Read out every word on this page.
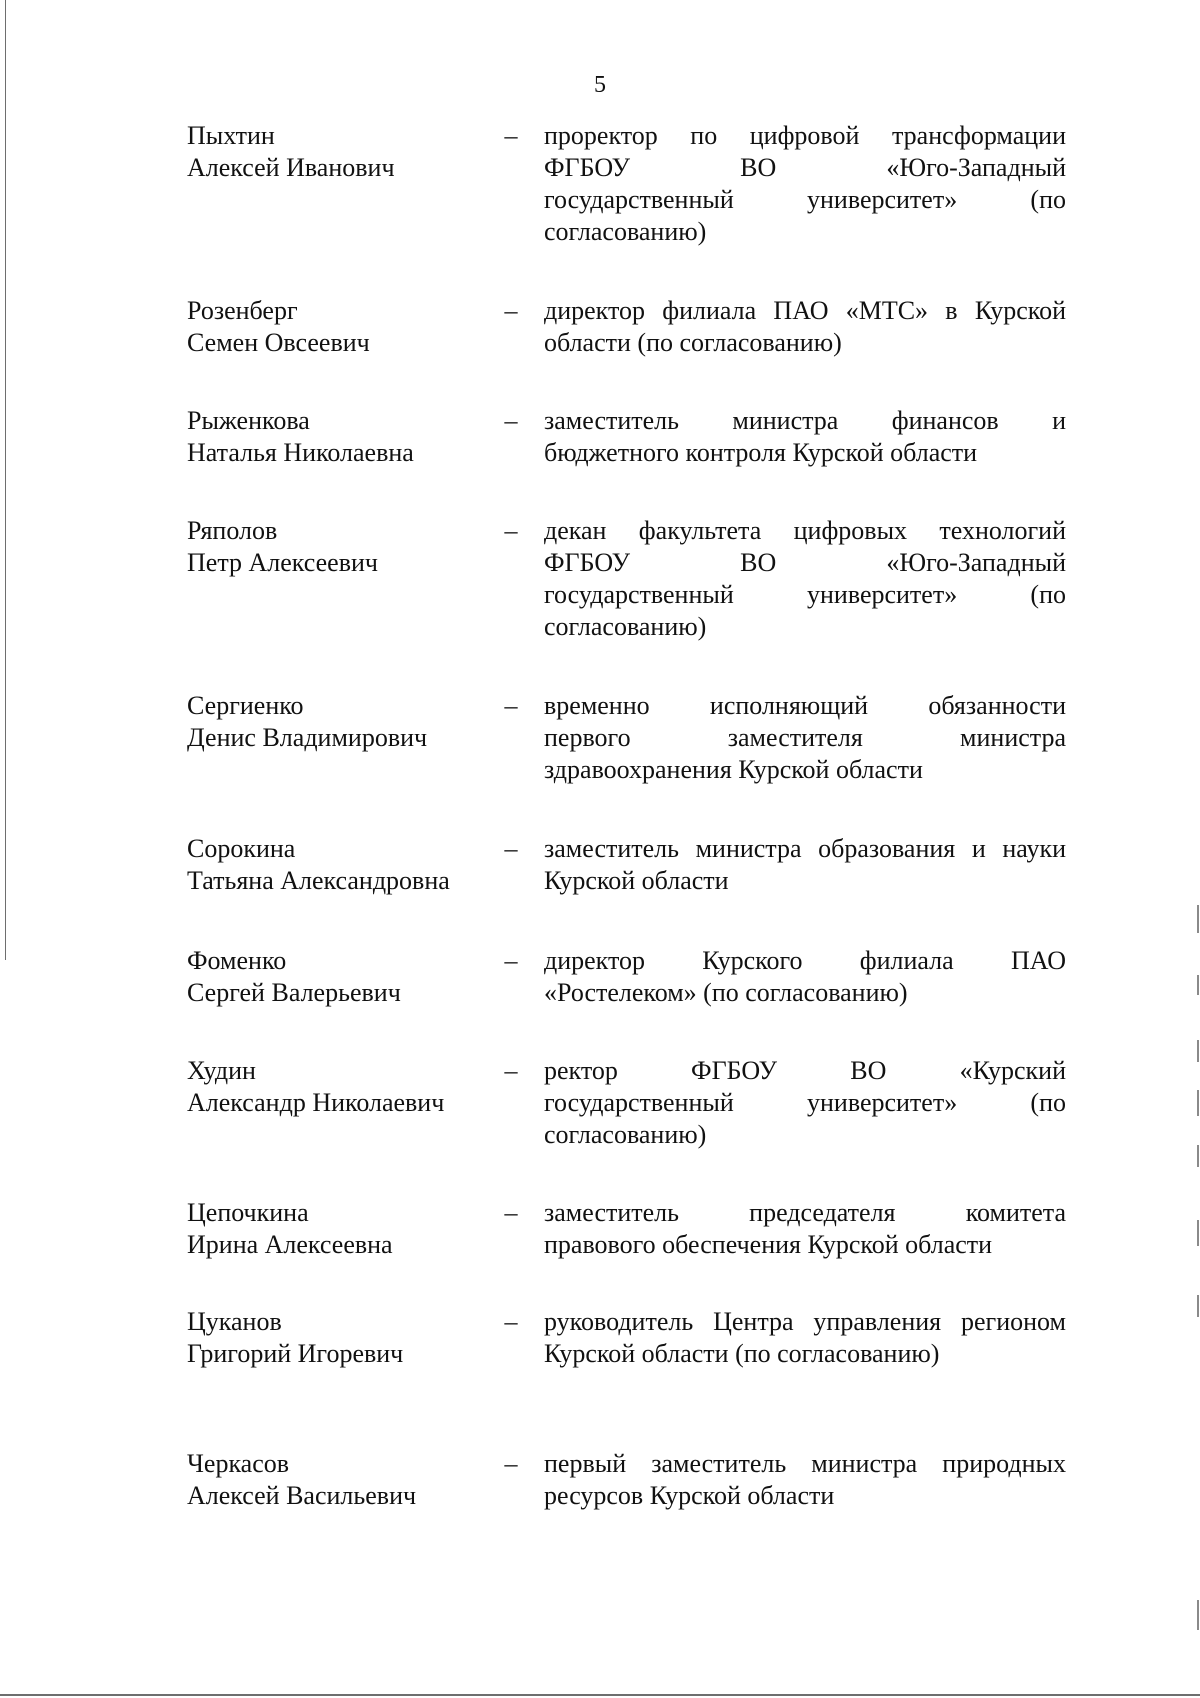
5
Пыхтин
Алексей Иванович
– проректор по цифровой трансформации
ФГБОУ ВО «Юго-Западный
государственный университет» (по
согласованию)
Розенберг
Семен Овсеевич
– директор филиала ПАО «МТС» в Курской
области (по согласованию)
Рыженкова
Наталья Николаевна
– заместитель министра финансов и
бюджетного контроля Курской области
Ряполов
Петр Алексеевич
– декан факультета цифровых технологий
ФГБОУ ВО «Юго-Западный
государственный университет» (по
согласованию)
Сергиенко
Денис Владимирович
– временно исполняющий обязанности
первого заместителя министра
здравоохранения Курской области
Сорокина
Татьяна Александровна
– заместитель министра образования и науки
Курской области
Фоменко
Сергей Валерьевич
– директор Курского филиала ПАО
«Ростелеком» (по согласованию)
Худин
Александр Николаевич
– ректор ФГБОУ ВО «Курский
государственный университет» (по
согласованию)
Цепочкина
Ирина Алексеевна
– заместитель председателя комитета
правового обеспечения Курской области
Цуканов
Григорий Игоревич
– руководитель Центра управления регионом
Курской области (по согласованию)
Черкасов
Алексей Васильевич
– первый заместитель министра природных
ресурсов Курской области
